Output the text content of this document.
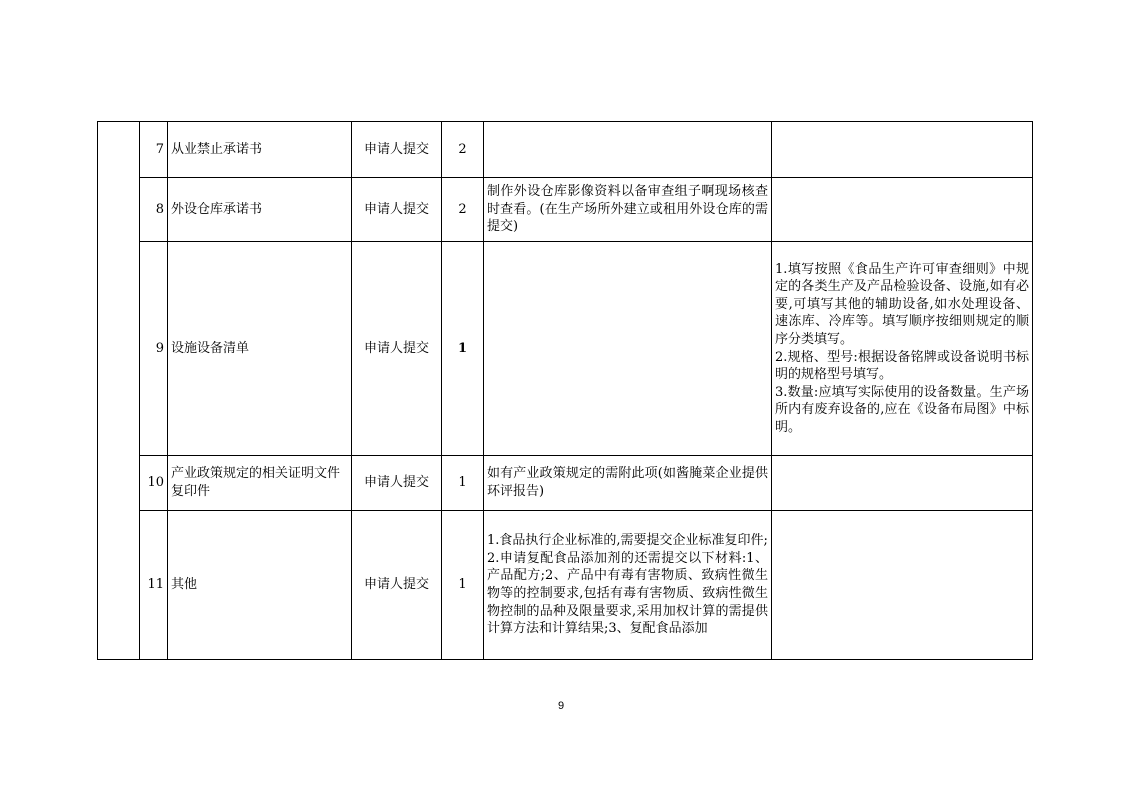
	7	从业禁止承诺书	申请人提交	2		
	8	外设仓库承诺书	申请人提交	2	制作外设仓库影像资料以备审查组子啊现场核查时查看。(在生产场所外建立或租用外设仓库的需提交)	

	9	设施设备清单	申请人提交	1		1.填写按照《食品生产许可审查细则》中规定的各类生产及产品检验设备、设施,如有必要,可填写其他的辅助设备,如水处理设备、速冻库、冷库等。填写顺序按细则规定的顺序分类填写。
2.规格、型号:根据设备铭牌或设备说明书标明的规格型号填写。
3.数量:应填写实际使用的设备数量。生产场所内有废弃设备的,应在《设备布局图》中标明。

	10	产业政策规定的相关证明文件复印件	申请人提交	1	如有产业政策规定的需附此项(如酱腌菜企业提供环评报告)	

	11	其他	申请人提交	1	1.食品执行企业标准的,需要提交企业标准复印件;
2.申请复配食品添加剂的还需提交以下材料:1、产品配方;2、产品中有毒有害物质、致病性微生物等的控制要求,包括有毒有害物质、致病性微生物控制的品种及限量要求,采用加权计算的需提供计算方法和计算结果;3、复配食品添加	

9
